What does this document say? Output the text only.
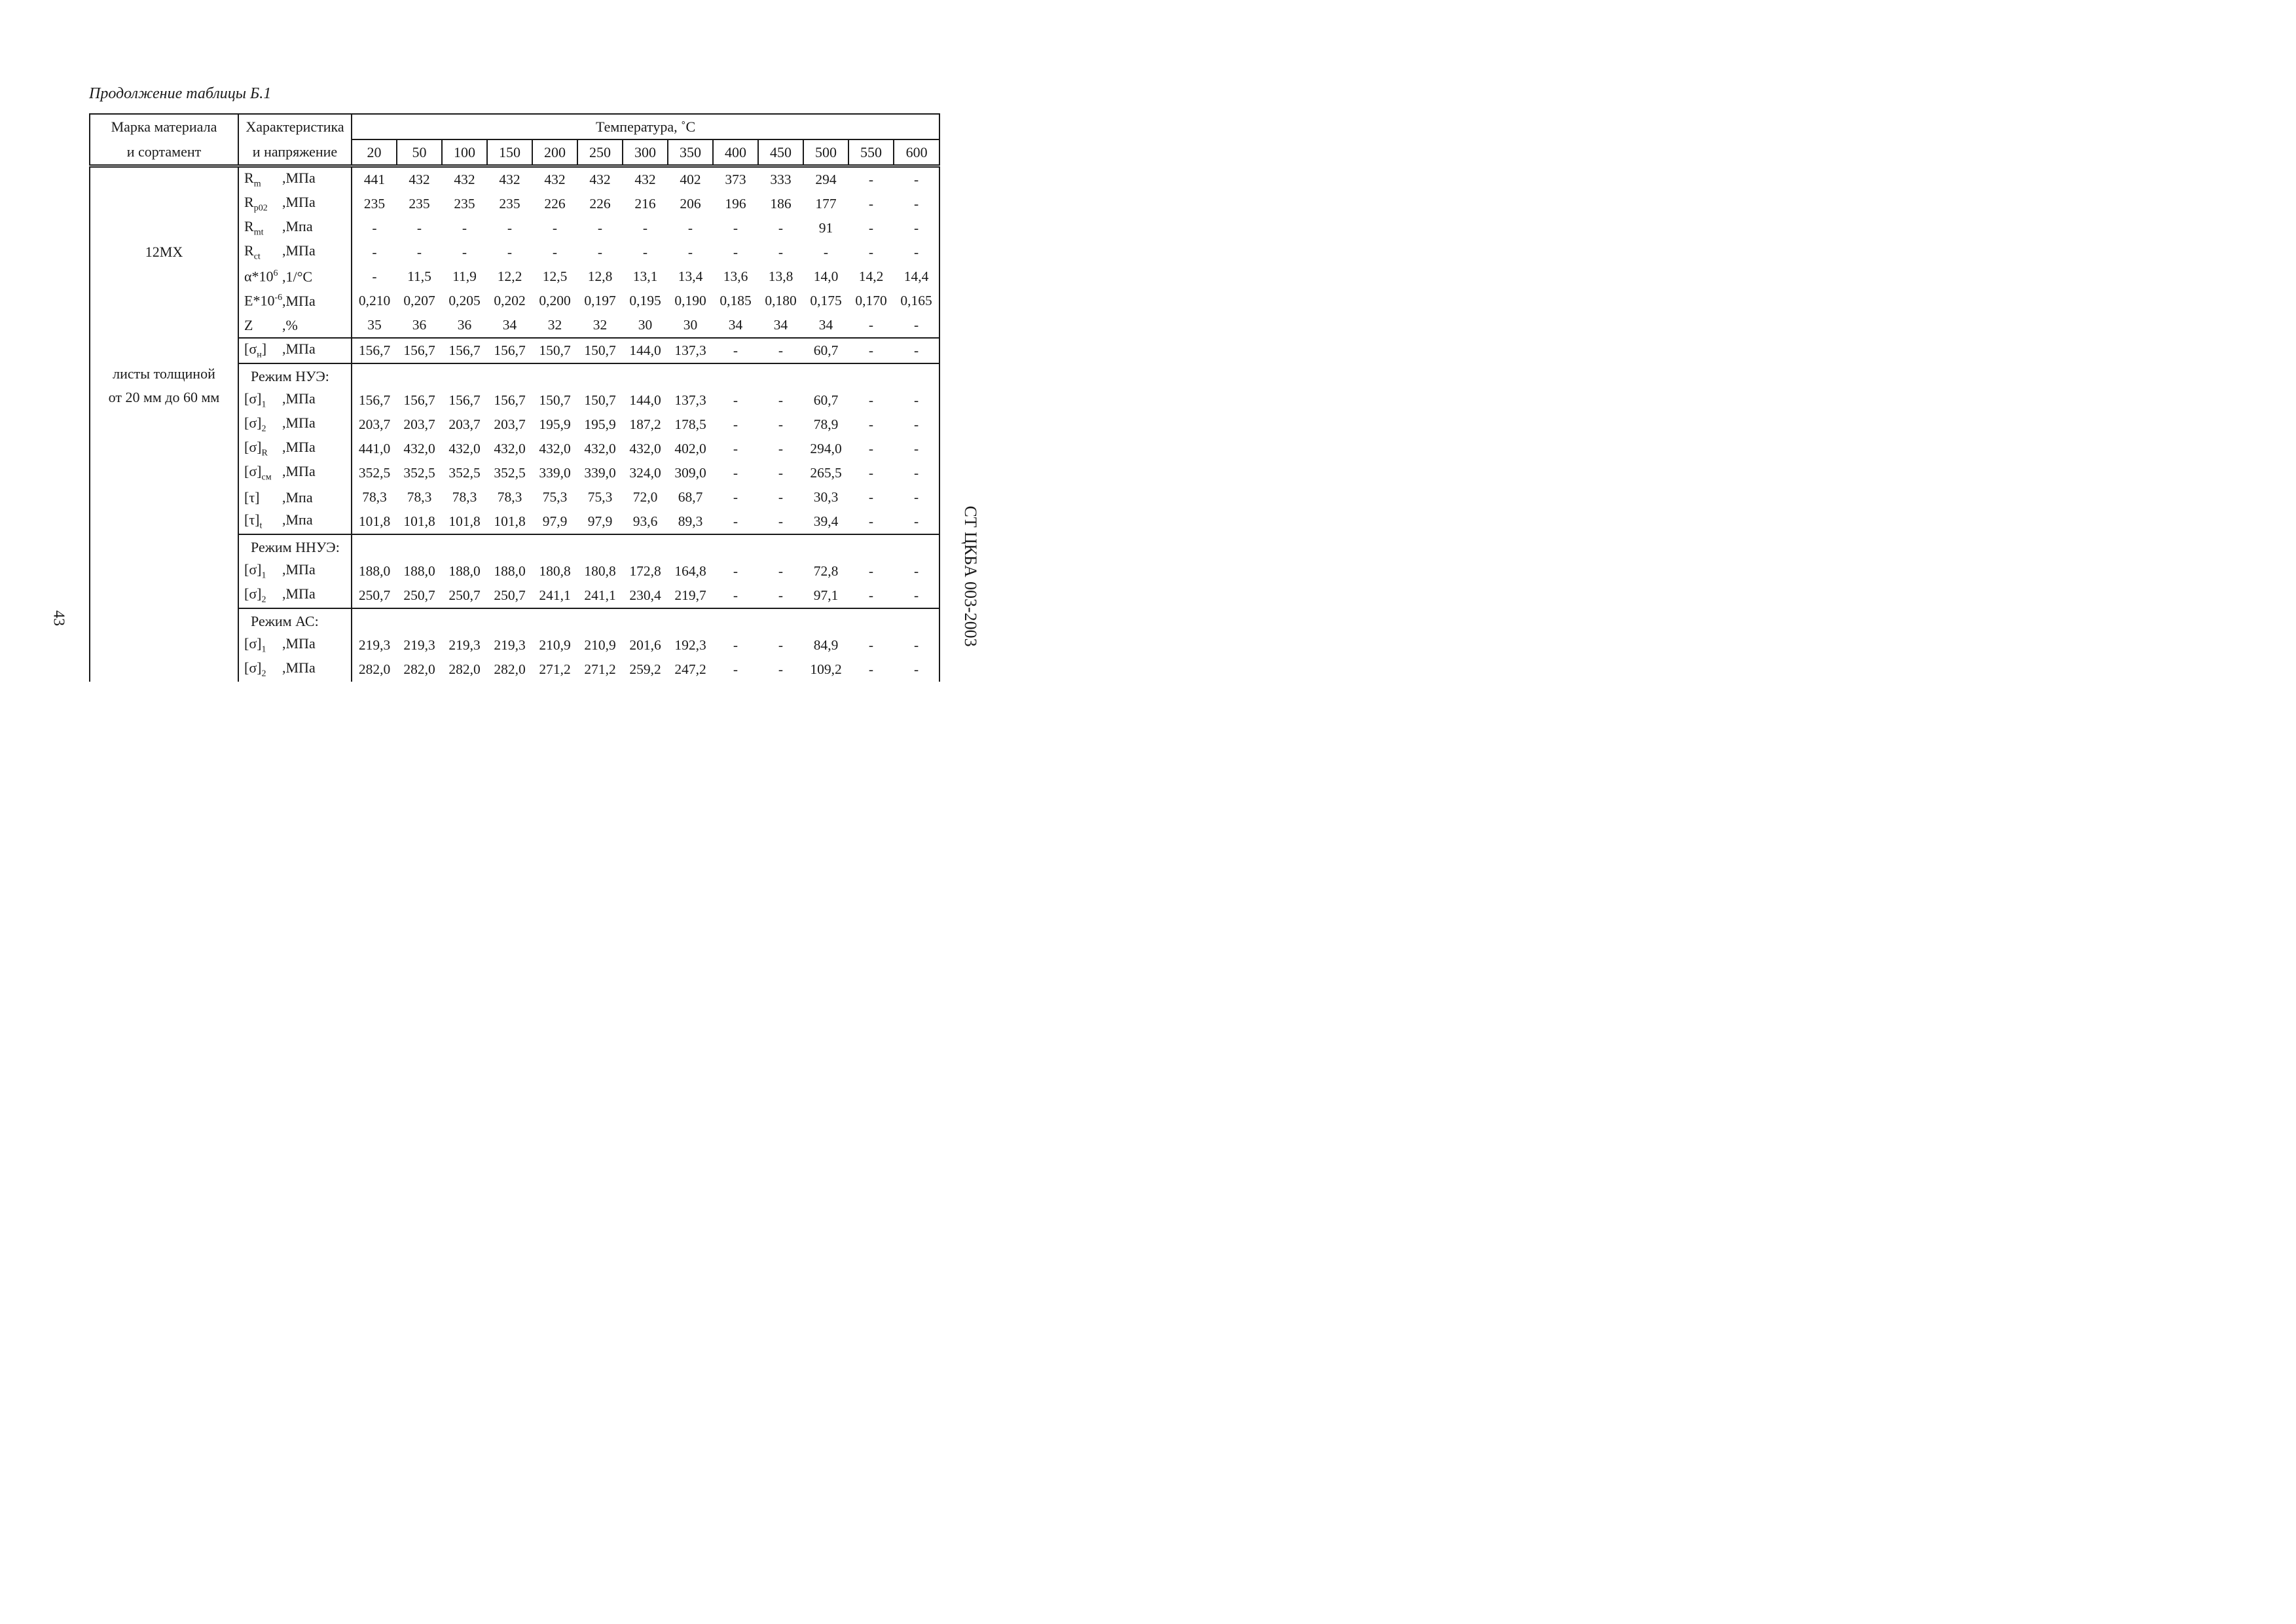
Продолжение таблицы Б.1
Марка материала	Характеристика	Температура, ˚С												
и сортамент	и напряжение	20	50	100	150	200	250	300	350	400	450	500	550	600

12МХ
листы толщиной
от 20 мм до 60 мм	$R_m$ ,МПа	441	432	432	432	432	432	432	402	373	333	294	-	-
	$R_{p02}$ ,МПа	235	235	235	235	226	226	216	206	196	186	177	-	-
	$R_{mt}$ ,Мпа	-	-	-	-	-	-	-	-	-	-	91	-	-
	$R_{ct}$ ,МПа	-	-	-	-	-	-	-	-	-	-	-	-	-
	$\alpha*10^6$ ,1/°С	-	11,5	11,9	12,2	12,5	12,8	13,1	13,4	13,6	13,8	14,0	14,2	14,4
	$E*10^{-6},МПа$	0,210	0,207	0,205	0,202	0,200	0,197	0,195	0,190	0,185	0,180	0,175	0,170	0,165
	Z ,%	35	36	36	34	32	32	30	30	34	34	34	-	-
	$[\sigma_н]$ ,МПа	156,7	156,7	156,7	156,7	150,7	150,7	144,0	137,3	-	-	60,7	-	-
	Режим НУЭ:													
	$[\sigma]_1$ ,МПа	156,7	156,7	156,7	156,7	150,7	150,7	144,0	137,3	-	-	60,7	-	-
	$[\sigma]_2$ ,МПа	203,7	203,7	203,7	203,7	195,9	195,9	187,2	178,5	-	-	78,9	-	-
	$[\sigma]_R$ ,МПа	441,0	432,0	432,0	432,0	432,0	432,0	432,0	402,0	-	-	294,0	-	-
	$[\sigma]_{см}$ ,МПа	352,5	352,5	352,5	352,5	339,0	339,0	324,0	309,0	-	-	265,5	-	-
	[τ] ,Мпа	78,3	78,3	78,3	78,3	75,3	75,3	72,0	68,7	-	-	30,3	-	-
	$[\tau]_t$ ,Мпа	101,8	101,8	101,8	101,8	97,9	97,9	93,6	89,3	-	-	39,4	-	-
	Режим ННУЭ:													
	$[\sigma]_1$ ,МПа	188,0	188,0	188,0	188,0	180,8	180,8	172,8	164,8	-	-	72,8	-	-
	$[\sigma]_2$ ,МПа	250,7	250,7	250,7	250,7	241,1	241,1	230,4	219,7	-	-	97,1	-	-
	Режим АС:													
	$[\sigma]_1$ ,МПа	219,3	219,3	219,3	219,3	210,9	210,9	201,6	192,3	-	-	84,9	-	-
	$[\sigma]_2$ ,МПа	282,0	282,0	282,0	282,0	271,2	271,2	259,2	247,2	-	-	109,2	-	-
СТ ЦКБА 003-2003
43
